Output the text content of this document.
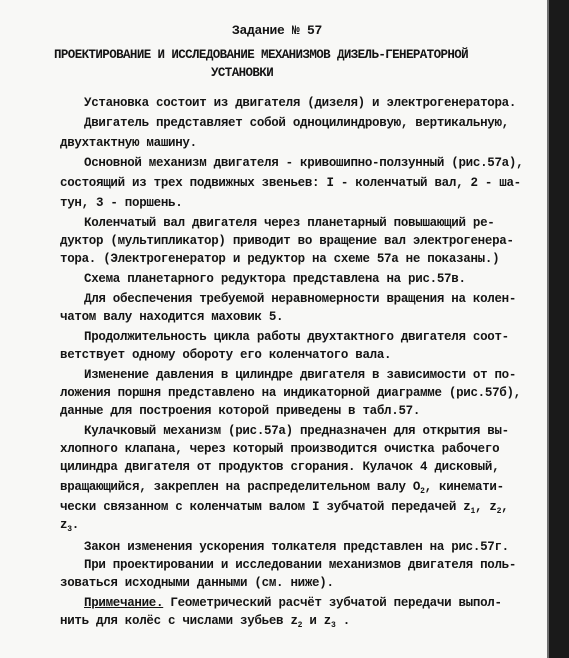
Задание № 57
ПРОЕКТИРОВАНИЕ И ИССЛЕДОВАНИЕ МЕХАНИЗМОВ ДИЗЕЛЬ-ГЕНЕРАТОРНОЙ
УСТАНОВКИ
Установка состоит из двигателя (дизеля) и электрогенератора.
Двигатель представляет собой одноцилиндровую, вертикальную,
двухтактную машину.
Основной механизм двигателя - кривошипно-ползунный (рис.57а),
состоящий из трех подвижных звеньев: I - коленчатый вал, 2 - ша-
тун, 3 - поршень.
Коленчатый вал двигателя через планетарный повышающий ре-
дуктор (мультипликатор) приводит во вращение вал электрогенера-
тора. (Электрогенератор и редуктор на схеме 57а не показаны.)
Схема планетарного редуктора представлена на рис.57в.
Для обеспечения требуемой неравномерности вращения на колен-
чатом валу находится маховик 5.
Продолжительность цикла работы двухтактного двигателя соот-
ветствует одному обороту его коленчатого вала.
Изменение давления в цилиндре двигателя в зависимости от по-
ложения поршня представлено на индикаторной диаграмме (рис.57б),
данные для построения которой приведены в табл.57.
Кулачковый механизм (рис.57а) предназначен для открытия вы-
хлопного клапана, через который производится очистка рабочего
цилиндра двигателя от продуктов сгорания. Кулачок 4 дисковый,
вращающийся, закреплен на распределительном валу $O_2$, кинемати-
чески связанном с коленчатым валом I зубчатой передачей $z_1$, $z_2$,
$z_3$.
Закон изменения ускорения толкателя представлен на рис.57г.
При проектировании и исследовании механизмов двигателя поль-
зоваться исходными данными (см. ниже).
Примечание. Геометрический расчёт зубчатой передачи выпол-
нить для колёс с числами зубьев $z_2$ и $z_3$ .
